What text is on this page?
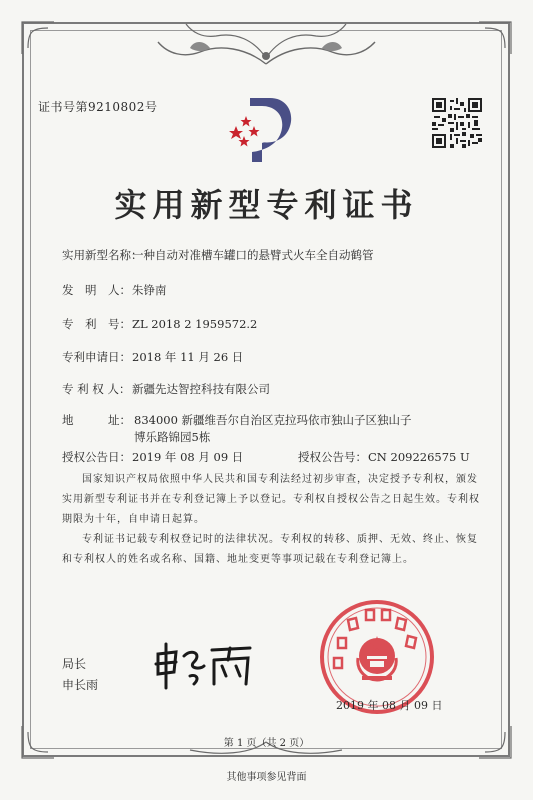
证书号第9210802号
实用新型专利证书
实用新型名称：一种自动对准槽车罐口的悬臂式火车全自动鹤管
发　明　人：朱铮南
专　利　号：ZL 2018 2 1959572.2
专利申请日：2018 年 11 月 26 日
专 利 权 人： 新疆先达智控科技有限公司
地　　　址： 834000 新疆维吾尔自治区克拉玛依市独山子区独山子博乐路锦园5栋
授权公告日：2019 年 08 月 09 日	授权公告号：CN 209226575 U
国家知识产权局依照中华人民共和国专利法经过初步审查，决定授予专利权，颁发实用新型专利证书并在专利登记簿上予以登记。专利权自授权公告之日起生效。专利权期限为十年，自申请日起算。
专利证书记载专利权登记时的法律状况。专利权的转移、质押、无效、终止、恢复和专利权人的姓名或名称、国籍、地址变更等事项记载在专利登记簿上。
局长
申长雨
2019 年 08 月 09 日
第 1 页（共 2 页）
其他事项参见背面
